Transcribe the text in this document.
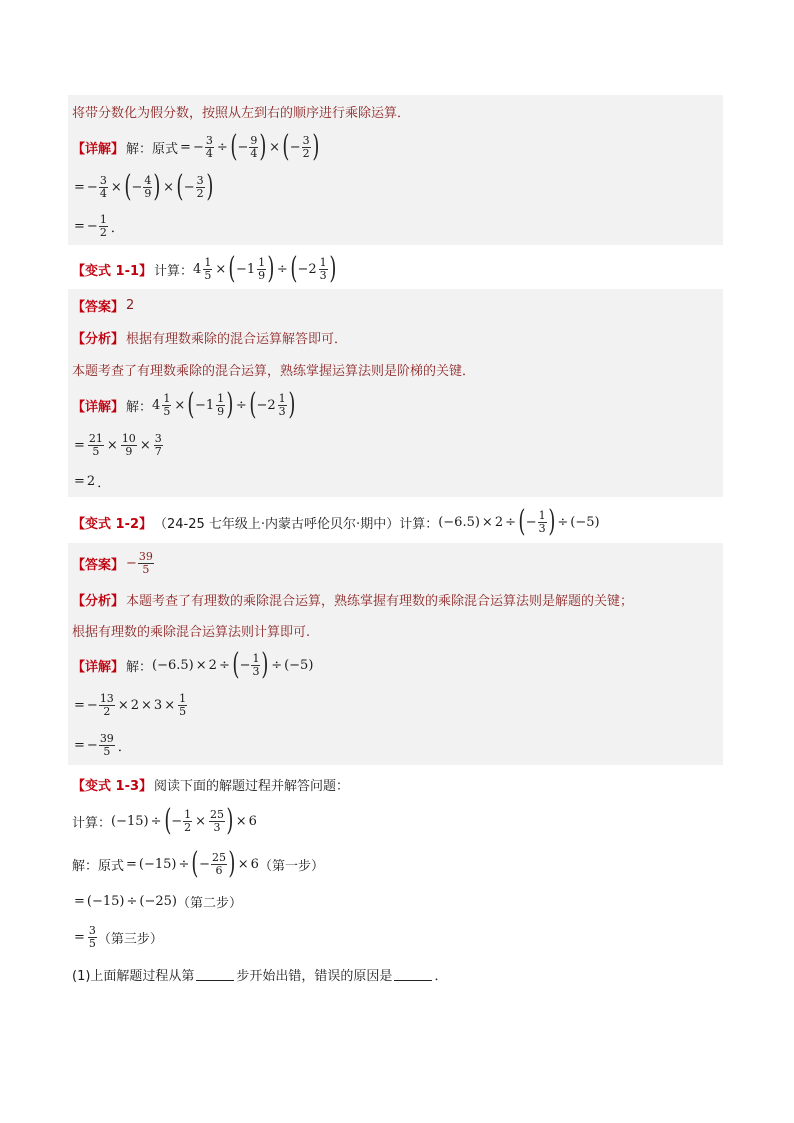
将带分数化为假分数，按照从左到右的顺序进行乘除运算．
【详解】 解：原式 = − $\frac{3}{4}$ ÷ ( − $\frac{9}{4}$ ) × ( − $\frac{3}{2}$ )
= − $\frac{3}{4}$ × ( − $\frac{4}{9}$ ) × ( − $\frac{3}{2}$ )
= − $\frac{1}{2}$ ．
【变式 1-1】 计算： $4 \frac{1}{5}$ × ( $-1 \frac{1}{9}$ ) ÷ ( $-2 \frac{1}{3}$ )
【答案】 2
【分析】 根据有理数乘除的混合运算解答即可．
本题考查了有理数乘除的混合运算，熟练掌握运算法则是阶梯的关键．
【详解】 解： $4 \frac{1}{5}$ × ( $-1 \frac{1}{9}$ ) ÷ ( $-2 \frac{1}{3}$ )
= $\frac{21}{5} \times \frac{10}{9} \times \frac{3}{7}$
= 2 ．
【变式 1-2】 （24-25 七年级上·内蒙古呼伦贝尔·期中）计算： (−6.5) × 2 ÷ ( − $\frac{1}{3}$ ) ÷ (−5)
【答案】 − $\frac{39}{5}$
【分析】 本题考查了有理数的乘除混合运算，熟练掌握有理数的乘除混合运算法则是解题的关键；
根据有理数的乘除混合运算法则计算即可.
【详解】 解： (−6.5) × 2 ÷ ( − $\frac{1}{3}$ ) ÷ (−5)
= − $\frac{13}{2} \times 2 \times 3 \times \frac{1}{5}$
= − $\frac{39}{5}$ ．
【变式 1-3】 阅读下面的解题过程并解答问题：
计算： (−15) ÷ ( − $\frac{1}{2} \times \frac{25}{3}$ ) × 6
解：原式 = (−15) ÷ ( − $\frac{25}{6}$ ) × 6 （第一步）
= (−15) ÷ (−25) （第二步）
= $\frac{3}{5}$ （第三步）
(1)上面解题过程从第	步开始出错，错误的原因是	．
